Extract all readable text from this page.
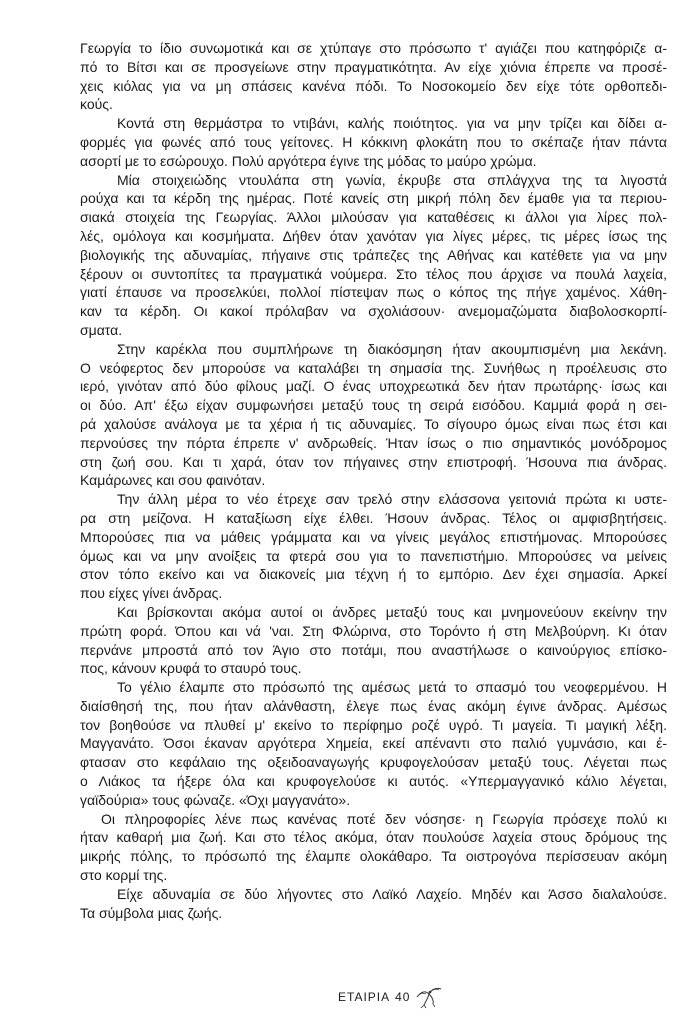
Γεωργία το ίδιο συνωμοτικά και σε χτύπαγε στο πρόσωπο τ' αγιάζει που κατηφόριζε α-
πό το Βίτσι και σε προσγείωνε στην πραγματικότητα. Αν είχε χιόνια έπρεπε να προσέ-
χεις κιόλας για να μη σπάσεις κανένα πόδι. Το Νοσοκομείο δεν είχε τότε ορθοπεδι-
κούς.
Κοντά στη θερμάστρα το ντιβάνι, καλής ποιότητος. για να μην τρίζει και δίδει α-
φορμές για φωνές από τους γείτονες. Η κόκκινη φλοκάτη που το σκέπαζε ήταν πάντα
ασορτί με το εσώρουχο. Πολύ αργότερα έγινε της μόδας το μαύρο χρώμα.
Μία στοιχειώδης ντουλάπα στη γωνία, έκρυβε στα σπλάγχνα της τα λιγοστά
ρούχα και τα κέρδη της ημέρας. Ποτέ κανείς στη μικρή πόλη δεν έμαθε για τα περιου-
σιακά στοιχεία της Γεωργίας. Άλλοι μιλούσαν για καταθέσεις κι άλλοι για λίρες πολ-
λές, ομόλογα και κοσμήματα. Δήθεν όταν χανόταν για λίγες μέρες, τις μέρες ίσως της
βιολογικής της αδυναμίας, πήγαινε στις τράπεζες της Αθήνας και κατέθετε για να μην
ξέρουν οι συντοπίτες τα πραγματικά νούμερα. Στο τέλος που άρχισε να πουλά λαχεία,
γιατί έπαυσε να προσελκύει, πολλοί πίστεψαν πως ο κόπος της πήγε χαμένος. Χάθη-
καν τα κέρδη. Οι κακοί πρόλαβαν να σχολιάσουν· ανεμομαζώματα διαβολοσκορπί-
σματα.
Στην καρέκλα που συμπλήρωνε τη διακόσμηση ήταν ακουμπισμένη μια λεκάνη.
Ο νεόφερτος δεν μπορούσε να καταλάβει τη σημασία της. Συνήθως η προέλευσις στο
ιερό, γινόταν από δύο φίλους μαζί. Ο ένας υποχρεωτικά δεν ήταν πρωτάρης· ίσως και
οι δύο. Απ' έξω είχαν συμφωνήσει μεταξύ τους τη σειρά εισόδου. Καμμιά φορά η σει-
ρά χαλούσε ανάλογα με τα χέρια ή τις αδυναμίες. Το σίγουρο όμως είναι πως έτσι και
περνούσες την πόρτα έπρεπε ν' ανδρωθείς. Ήταν ίσως ο πιο σημαντικός μονόδρομος
στη ζωή σου. Και τι χαρά, όταν τον πήγαινες στην επιστροφή. Ήσουνα πια άνδρας.
Καμάρωνες και σου φαινόταν.
Την άλλη μέρα το νέο έτρεχε σαν τρελό στην ελάσσονα γειτονιά πρώτα κι υστε-
ρα στη μείζονα. Η καταξίωση είχε έλθει. Ήσουν άνδρας. Τέλος οι αμφισβητήσεις.
Μπορούσες πια να μάθεις γράμματα και να γίνεις μεγάλος επιστήμονας. Μπορούσες
όμως και να μην ανοίξεις τα φτερά σου για το πανεπιστήμιο. Μπορούσες να μείνεις
στον τόπο εκείνο και να διακονείς μια τέχνη ή το εμπόριο. Δεν έχει σημασία. Αρκεί
που είχες γίνει άνδρας.
Και βρίσκονται ακόμα αυτοί οι άνδρες μεταξύ τους και μνημονεύουν εκείνην την
πρώτη φορά. Όπου και νά 'ναι. Στη Φλώρινα, στο Τορόντο ή στη Μελβούρνη. Κι όταν
περνάνε μπροστά από τον Άγιο στο ποτάμι, που αναστήλωσε ο καινούργιος επίσκο-
πος, κάνουν κρυφά το σταυρό τους.
Το γέλιο έλαμπε στο πρόσωπό της αμέσως μετά το σπασμό του νεοφερμένου. Η
διαίσθησή της, που ήταν αλάνθαστη, έλεγε πως ένας ακόμη έγινε άνδρας. Αμέσως
τον βοηθούσε να πλυθεί μ' εκείνο το περίφημο ροζέ υγρό. Τι μαγεία. Τι μαγική λέξη.
Μαγγανάτο. Όσοι έκαναν αργότερα Χημεία, εκεί απέναντι στο παλιό γυμνάσιο, και έ-
φτασαν στο κεφάλαιο της οξειδοαναγωγής κρυφογελούσαν μεταξύ τους. Λέγεται πως
ο Λιάκος τα ήξερε όλα και κρυφογελούσε κι αυτός. «Υπερμαγγανικό κάλιο λέγεται,
γαϊδούρια» τους φώναζε. «Όχι μαγγανάτο».
Οι πληροφορίες λένε πως κανένας ποτέ δεν νόσησε· η Γεωργία πρόσεχε πολύ κι
ήταν καθαρή μια ζωή. Και στο τέλος ακόμα, όταν πουλούσε λαχεία στους δρόμους της
μικρής πόλης, το πρόσωπό της έλαμπε ολοκάθαρο. Τα οιστρογόνα περίσσευαν ακόμη
στο κορμί της.
Είχε αδυναμία σε δύο λήγοντες στο Λαϊκό Λαχείο. Μηδέν και Άσσο διαλαλούσε.
Τα σύμβολα μιας ζωής.
ΕΤΑΙΡΙΑ 40
